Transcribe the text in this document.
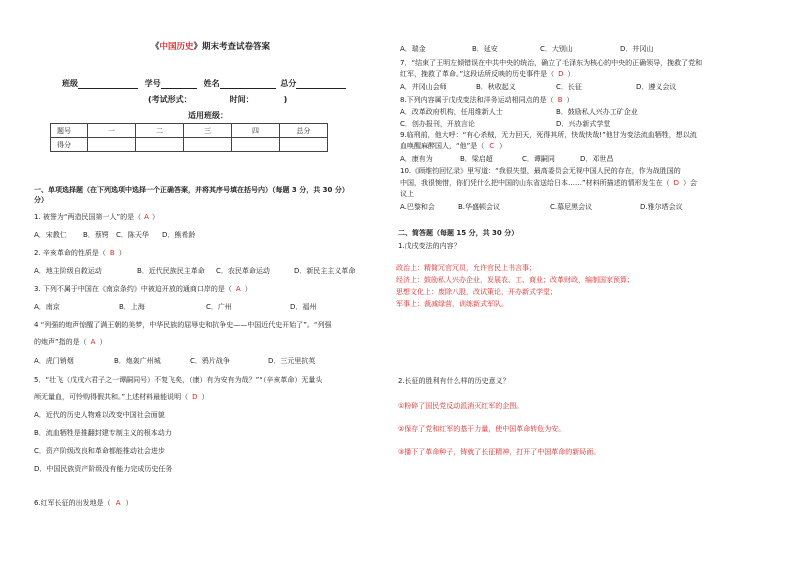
《中国历史》期末考查试卷答案
班级	学号	姓名	总分
(考试形式：	时间：	)
适用班级：
题号	一	二	三	四	总分
得分					
一、单项选择题（在下列选项中选择一个正确答案，并将其序号填在括号内）（每题 3 分，共 30 分）
分）
1. 被誉为“两造民国第一人”的是（ A ）
A．宋教仁 B．蔡锷 C．陈天华 D．熊希龄
2. 辛亥革命的性质是（ B ）
A．地主阶级自救运动	B．近代民族民主革命 C．农民革命运动	D．新民主主义革命
3. 下列不属于中国在《南京条约》中被迫开放的通商口岸的是（ A ）
A．南京	B．上海	C．广州	D．福州
4 “列强的炮声惊醒了满王朝的美梦，中华民族的屈辱史和抗争史——中国近代史开始了”。“列强
的炮声”指的是（ A ）
A．虎门销烟	B．炮轰广州城	C．鸦片战争	D．三元里抗英
5．“壮飞（戊戌六君子之一谭嗣同号）不复飞矣，（康）有为安有为哉？”“（辛亥革命）无量头
颅无量血，可怜购得假共和。”上述材料最能说明（ D ）
A．近代的历史人物难以改变中国社会面貌
B．流血牺牲是推翻封建专制主义的根本动力
C．资产阶级改良和革命都能推动社会进步
D．中国民族资产阶级没有能力完成历史任务
6.红军长征的出发地是（ A ）
A．瑞金	B．延安	C．大别山	D．井冈山
7．“结束了王明左倾错误在中共中央的统治，确立了毛泽东为核心的中央的正确领导，挽救了党和
红军，挽救了革命。”这段话所反映的历史事件是（ D ）
A．井冈山会师	B．秋收起义	C．长征	D．遵义会议
8.下列内容属于戊戌变法和洋务运动相同点的是（ B ）
A．改革政府机构，任用维新人士	B．鼓励私人兴办工矿企业
C．创办报刊，开放言论	D．兴办新式学堂
9.临刑前，他大呼：“有心杀贼，无力回天，死得其所，快哉快哉!”他甘为变法流血牺牲，想以流
血唤醒麻醉国人，“他”是（ C ）
A．康有为	B．梁启超	C．谭嗣同	D．邓世昌
10.《顾维钧回忆录》里写道：“我很失望，最高委员会无视中国人民的存在，作为战胜国的
中国，我很惋惜，你们凭什么把中国的山东省送给日本……”材料所描述的情形发生在（ D ）会
议上
A.巴黎和会	B.华盛顿会议	C.慕尼黑会议	D.雅尔塔会议
二、简答题（每题 15 分，共 30 分）
1.戊戌变法的内容？
政治上：精简冗官冗员，允许官民上书言事；
经济上：鼓励私人兴办企业，发展农、工、商业；改革财政，编制国家预算；
思想文化上：废除八股，改试策论，开办新式学堂；
军事上：裁减绿营，训练新式军队。
2.长征的胜利有什么样的历史意义？
①粉碎了国民党反动派消灭红军的企图。
②保存了党和红军的基干力量，使中国革命转危为安。
③播下了革命种子，铸就了长征精神，打开了中国革命的新局面。
